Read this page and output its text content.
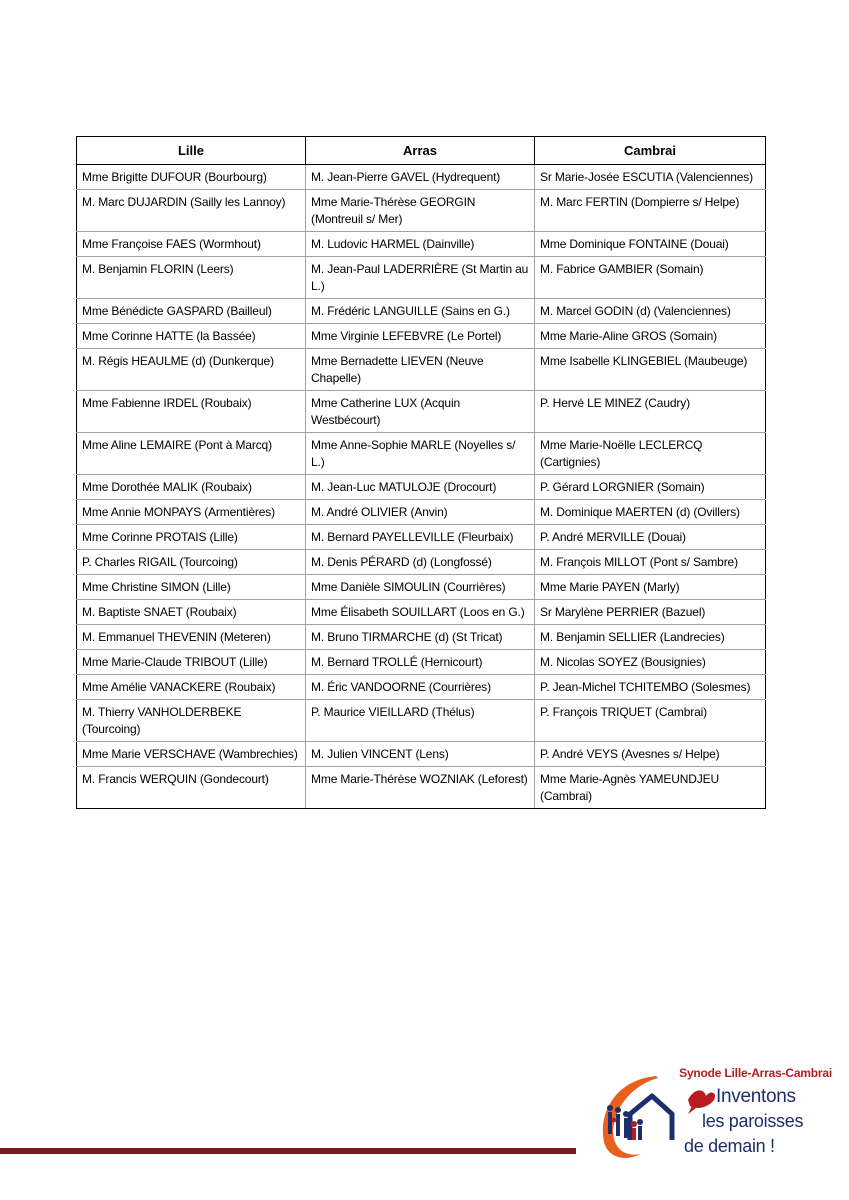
Lille	Arras	Cambrai
Mme Brigitte DUFOUR (Bourbourg)	M. Jean-Pierre GAVEL (Hydrequent)	Sr Marie-Josée ESCUTIA (Valenciennes)
M. Marc DUJARDIN (Sailly les Lannoy)	Mme Marie-Thérèse GEORGIN (Montreuil s/ Mer)	M. Marc FERTIN (Dompierre s/ Helpe)
Mme Françoise FAES (Wormhout)	M. Ludovic HARMEL (Dainville)	Mme Dominique FONTAINE (Douai)
M. Benjamin FLORIN (Leers)	M. Jean-Paul LADERRIÈRE (St Martin au L.)	M. Fabrice GAMBIER (Somain)
Mme Bénédicte GASPARD (Bailleul)	M. Frédéric LANGUILLE (Sains en G.)	M. Marcel GODIN (d) (Valenciennes)
Mme Corinne HATTE (la Bassée)	Mme Virginie LEFEBVRE (Le Portel)	Mme Marie-Aline GROS (Somain)
M. Régis HEAULME (d) (Dunkerque)	Mme Bernadette LIEVEN (Neuve Chapelle)	Mme Isabelle KLINGEBIEL (Maubeuge)
Mme Fabienne IRDEL (Roubaix)	Mme Catherine LUX (Acquin Westbécourt)	P. Hervé LE MINEZ (Caudry)
Mme Aline LEMAIRE (Pont à Marcq)	Mme Anne-Sophie MARLE (Noyelles s/ L.)	Mme Marie-Noëlle LECLERCQ (Cartignies)
Mme Dorothée MALIK (Roubaix)	M. Jean-Luc MATULOJE (Drocourt)	P. Gérard LORGNIER (Somain)
Mme Annie MONPAYS (Armentières)	M. André OLIVIER (Anvin)	M. Dominique MAERTEN (d) (Ovillers)
Mme Corinne PROTAIS (Lille)	M. Bernard PAYELLEVILLE (Fleurbaix)	P. André MERVILLE (Douai)
P. Charles RIGAIL (Tourcoing)	M. Denis PÉRARD (d) (Longfossé)	M. François MILLOT (Pont s/ Sambre)
Mme Christine SIMON (Lille)	Mme Danièle SIMOULIN (Courrières)	Mme Marie PAYEN (Marly)
M. Baptiste SNAET (Roubaix)	Mme Élisabeth SOUILLART (Loos en G.)	Sr Marylène PERRIER (Bazuel)
M. Emmanuel THEVENIN (Meteren)	M. Bruno TIRMARCHE (d) (St Tricat)	M. Benjamin SELLIER (Landrecies)
Mme Marie-Claude TRIBOUT (Lille)	M. Bernard TROLLÉ (Hernicourt)	M. Nicolas SOYEZ (Bousignies)
Mme Amélie VANACKERE (Roubaix)	M. Éric VANDOORNE (Courrières)	P. Jean-Michel TCHITEMBO (Solesmes)
M. Thierry VANHOLDERBEKE (Tourcoing)	P. Maurice VIEILLARD (Thélus)	P. François TRIQUET (Cambrai)
Mme Marie VERSCHAVE (Wambrechies)	M. Julien VINCENT (Lens)	P. André VEYS (Avesnes s/ Helpe)
M. Francis WERQUIN (Gondecourt)	Mme Marie-Thérèse WOZNIAK (Leforest)	Mme Marie-Agnès YAMEUNDJEU (Cambrai)
Synode Lille-Arras-Cambrai
Inventons
les paroisses
de demain !
